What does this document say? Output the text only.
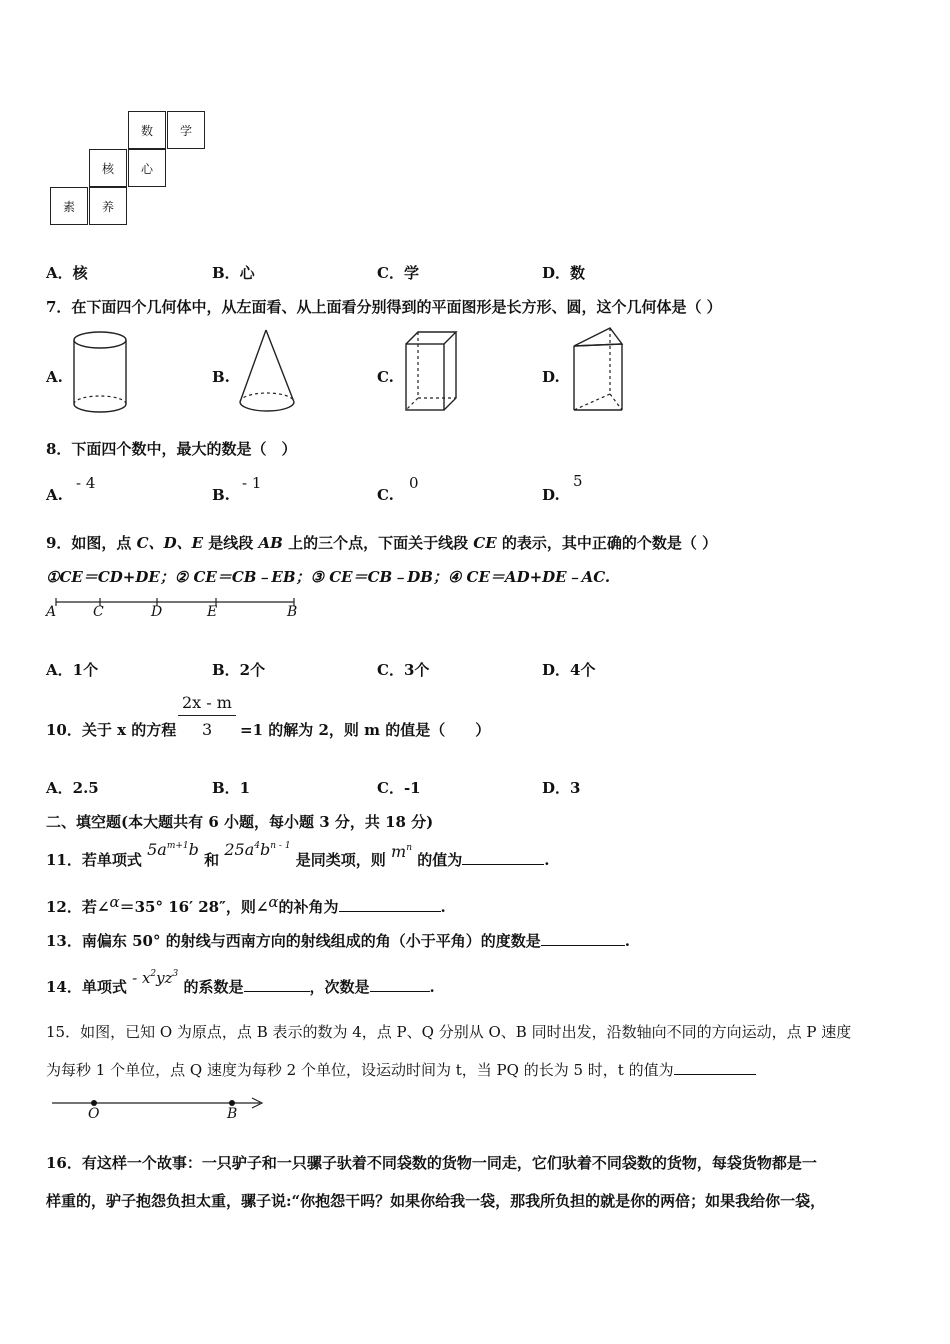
数	学
核	心
素	养
A．核	B．心	C．学	D．数
7．在下面四个几何体中，从左面看、从上面看分别得到的平面图形是长方形、圆，这个几何体是（ ）
A.	B.	C.	D.
8．下面四个数中，最大的数是（　）
A.
- 4
B.
- 1
C.
0
D.
5
9．如图，点 C、D、E 是线段 AB 上的三个点，下面关于线段 CE 的表示，其中正确的个数是（ ）
①CE＝CD+DE；② CE＝CB﹣EB；③ CE＝CB﹣DB；④ CE＝AD+DE﹣AC.
A	C	D	E	B
A．1个	B．2个	C．3个	D．4个
10．关于 x 的方程
2x - m
3 =1 的解为 2，则 m 的值是（　　）
A．2.5	B．1	C．-1	D．3
二、填空题(本大题共有 6 小题，每小题 3 分，共 18 分)
11．若单项式 $5a^{m+1}b$ 和 $25a^4b^{n - 1}$ 是同类项，则 $m^n$ 的值为	.
12．若∠α＝35° 16′ 28″，则∠α的补角为	.
13．南偏东 50° 的射线与西南方向的射线组成的角（小于平角）的度数是	.
14．单项式 - $x^2yz^3$ 的系数是	，次数是	.
15．如图，已知 O 为原点，点 B 表示的数为 4，点 P、Q 分别从 O、B 同时出发，沿数轴向不同的方向运动，点 P 速度
为每秒 1 个单位，点 Q 速度为每秒 2 个单位，设运动时间为 t，当 PQ 的长为 5 时，t 的值为
O	B
16．有这样一个故事：一只驴子和一只骡子驮着不同袋数的货物一同走，它们驮着不同袋数的货物，每袋货物都是一
样重的，驴子抱怨负担太重，骡子说:“你抱怨干吗？如果你给我一袋，那我所负担的就是你的两倍；如果我给你一袋，
